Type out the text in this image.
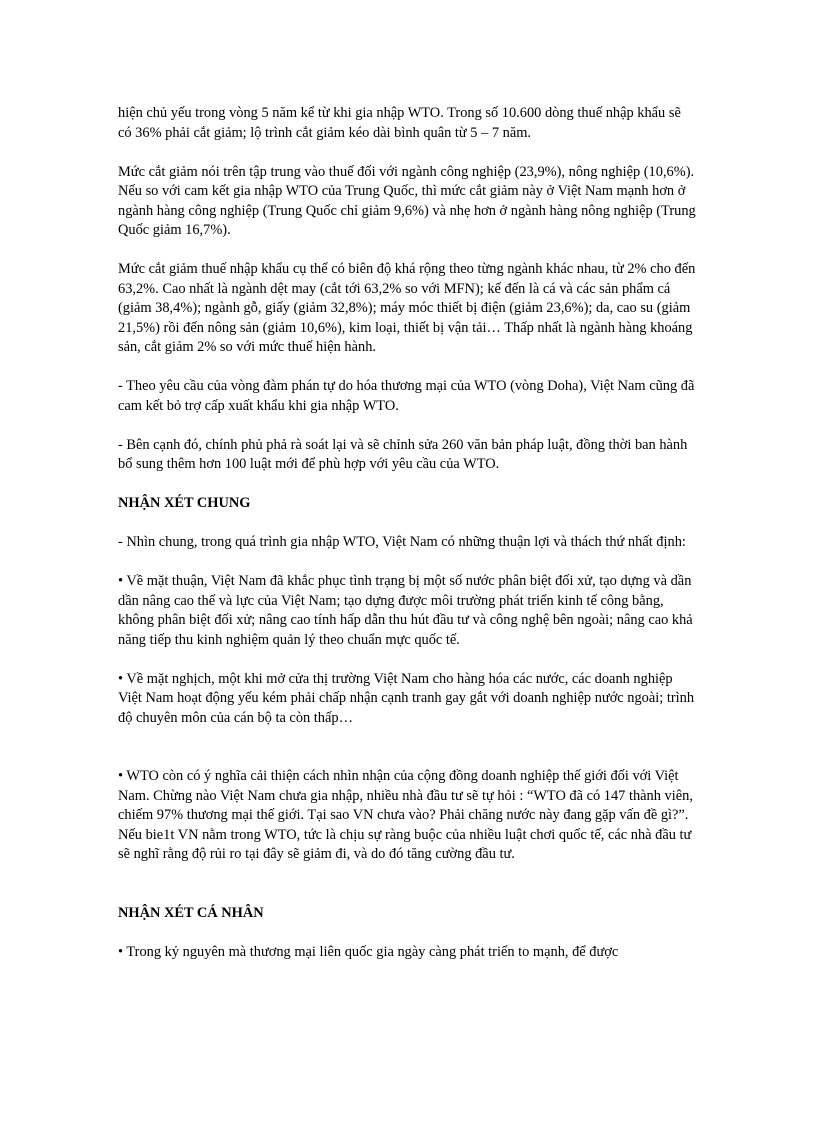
hiện chủ yếu trong vòng 5 năm kể từ khi gia nhập WTO. Trong số 10.600 dòng thuế nhập khẩu sẽ có 36% phải cắt giảm; lộ trình cắt giảm kéo dài bình quân từ 5 – 7 năm.

Mức cắt giảm nói trên tập trung vào thuế đối với ngành công nghiệp (23,9%), nông nghiệp (10,6%). Nếu so với cam kết gia nhập WTO của Trung Quốc, thì mức cắt giảm này ở Việt Nam mạnh hơn ở ngành hàng công nghiệp (Trung Quốc chỉ giảm 9,6%) và nhẹ hơn ở ngành hàng nông nghiệp (Trung Quốc giảm 16,7%).

Mức cắt giảm thuế nhập khẩu cụ thể có biên độ khá rộng theo từng ngành khác nhau, từ 2% cho đến 63,2%. Cao nhất là ngành dệt may (cắt tới 63,2% so với MFN); kế đến là cá và các sản phẩm cá (giảm 38,4%); ngành gỗ, giấy (giảm 32,8%); máy móc thiết bị điện (giảm 23,6%); da, cao su (giảm 21,5%) rồi đến nông sản (giảm 10,6%), kim loại, thiết bị vận tải… Thấp nhất là ngành hàng khoáng sản, cắt giảm 2% so với mức thuế hiện hành.

- Theo yêu cầu của vòng đàm phán tự do hóa thương mại của WTO (vòng Doha), Việt Nam cũng đã cam kết bỏ trợ cấp xuất khẩu khi gia nhập WTO.

- Bên cạnh đó, chính phủ phả rà soát lại và sẽ chỉnh sửa 260 văn bản pháp luật, đồng thời ban hành bổ sung thêm hơn 100 luật mới để phù hợp với yêu cầu của WTO.

NHẬN XÉT CHUNG

- Nhìn chung, trong quá trình gia nhập WTO, Việt Nam có những thuận lợi và thách thứ nhất định:

• Về mặt thuận, Việt Nam đã khắc phục tình trạng bị một số nước phân biệt đối xử, tạo dựng và dần dần nâng cao thế và lực của Việt Nam; tạo dựng được môi trường phát triển kinh tế công bằng, không phân biệt đối xử; nâng cao tính hấp dẫn thu hút đầu tư và công nghệ bên ngoài; nâng cao khả năng tiếp thu kinh nghiệm quản lý theo chuẩn mực quốc tế.

• Về mặt nghịch, một khi mở cửa thị trường Việt Nam cho hàng hóa các nước, các doanh nghiệp Việt Nam hoạt động yếu kém phải chấp nhận cạnh tranh gay gắt với doanh nghiệp nước ngoài; trình độ chuyên môn của cán bộ ta còn thấp…

• WTO còn có ý nghĩa cải thiện cách nhìn nhận của cộng đồng doanh nghiệp thế giới đối với Việt Nam. Chừng nào Việt Nam chưa gia nhập, nhiều nhà đầu tư sẽ tự hỏi : “WTO đã có 147 thành viên, chiếm 97% thương mại thế giới. Tại sao VN chưa vào? Phải chăng nước này đang gặp vấn đề gì?”. Nếu bie1t VN nằm trong WTO, tức là chịu sự ràng buộc của nhiều luật chơi quốc tế, các nhà đầu tư sẽ nghĩ rằng độ rủi ro tại đây sẽ giảm đi, và do đó tăng cường đầu tư.

NHẬN XÉT CÁ NHÂN

• Trong kỷ nguyên mà thương mại liên quốc gia ngày càng phát triển to mạnh, để được
